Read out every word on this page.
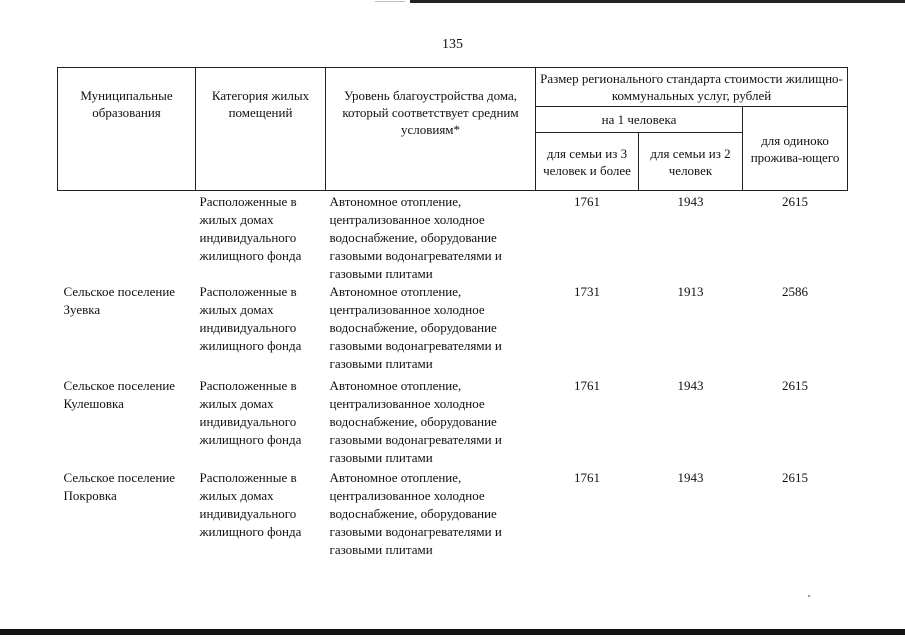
135
Муниципальные образования	Категория жилых помещений	Уровень благоустройства дома, который соответствует средним условиям*	Размер регионального стандарта стоимости жилищно-коммунальных услуг, рублей		
			на 1 человека		для одиноко прожива-ющего
			для семьи из 3 человек и более	для семьи из 2 человек	
	Расположенные в жилых домах индивидуального жилищного фонда	Автономное отопление, централизованное холодное водоснабжение, оборудование газовыми водонагревателями и газовыми плитами	1761	1943	2615
Сельское поселение Зуевка	Расположенные в жилых домах индивидуального жилищного фонда	Автономное отопление, централизованное холодное водоснабжение, оборудование газовыми водонагревателями и газовыми плитами	1731	1913	2586
Сельское поселение Кулешовка	Расположенные в жилых домах индивидуального жилищного фонда	Автономное отопление, централизованное холодное водоснабжение, оборудование газовыми водонагревателями и газовыми плитами	1761	1943	2615
Сельское поселение Покровка	Расположенные в жилых домах индивидуального жилищного фонда	Автономное отопление, централизованное холодное водоснабжение, оборудование газовыми водонагревателями и газовыми плитами	1761	1943	2615
